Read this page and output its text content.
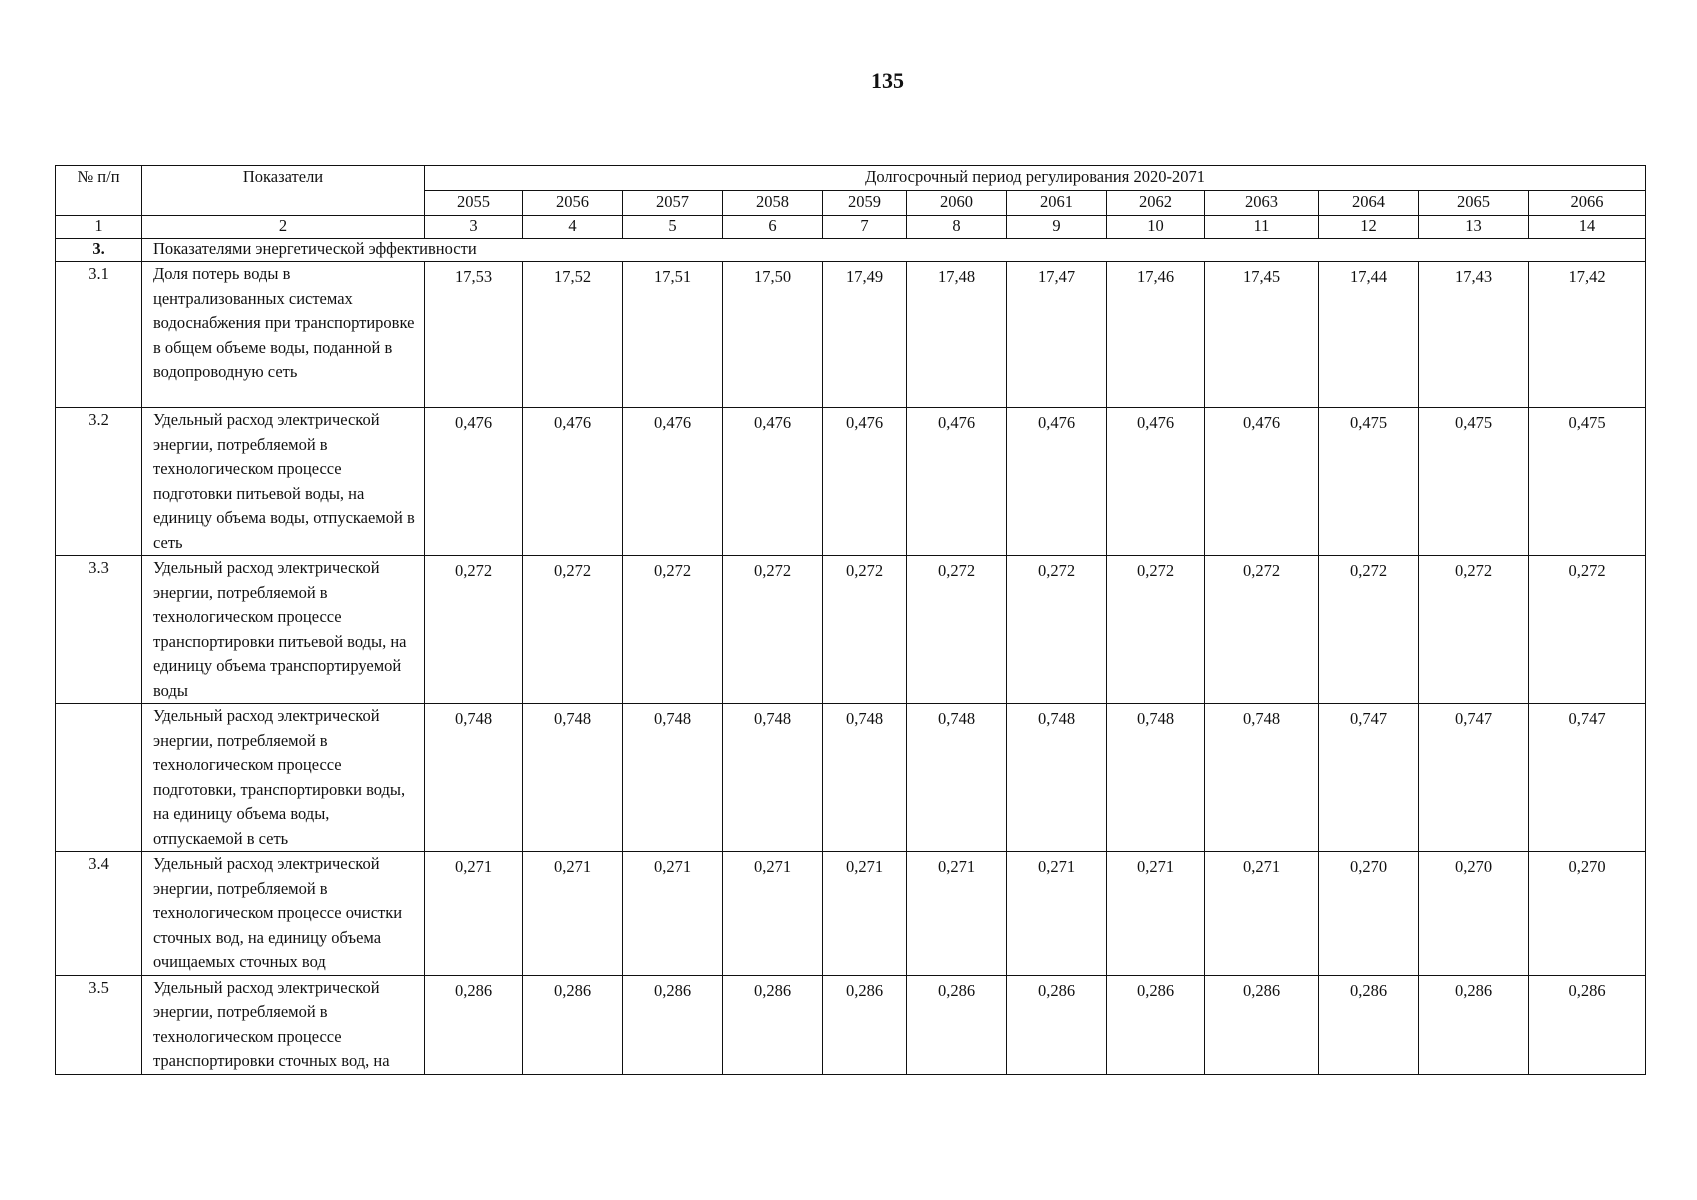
135
№ п/п	Показатели	Долгосрочный период регулирования 2020-2071											
		2055	2056	2057	2058	2059	2060	2061	2062	2063	2064	2065	2066
1	2	3	4	5	6	7	8	9	10	11	12	13	14
3.	Показателями энергетической эффективности												
3.1	Доля потерь воды в централизованных системах водоснабжения при транспортировке в общем объеме воды, поданной в водопроводную сеть	17,53	17,52	17,51	17,50	17,49	17,48	17,47	17,46	17,45	17,44	17,43	17,42
3.2	Удельный расход электрической энергии, потребляемой в технологическом процессе подготовки питьевой воды, на единицу объема воды, отпускаемой в сеть	0,476	0,476	0,476	0,476	0,476	0,476	0,476	0,476	0,476	0,475	0,475	0,475
3.3	Удельный расход электрической энергии, потребляемой в технологическом процессе транспортировки питьевой воды, на единицу объема транспортируемой воды	0,272	0,272	0,272	0,272	0,272	0,272	0,272	0,272	0,272	0,272	0,272	0,272
	Удельный расход электрической энергии, потребляемой в технологическом процессе подготовки, транспортировки воды, на единицу объема воды, отпускаемой в сеть	0,748	0,748	0,748	0,748	0,748	0,748	0,748	0,748	0,748	0,747	0,747	0,747
3.4	Удельный расход электрической энергии, потребляемой в технологическом процессе очистки сточных вод, на единицу объема очищаемых сточных вод	0,271	0,271	0,271	0,271	0,271	0,271	0,271	0,271	0,271	0,270	0,270	0,270
3.5	Удельный расход электрической энергии, потребляемой в технологическом процессе транспортировки сточных вод, на	0,286	0,286	0,286	0,286	0,286	0,286	0,286	0,286	0,286	0,286	0,286	0,286
